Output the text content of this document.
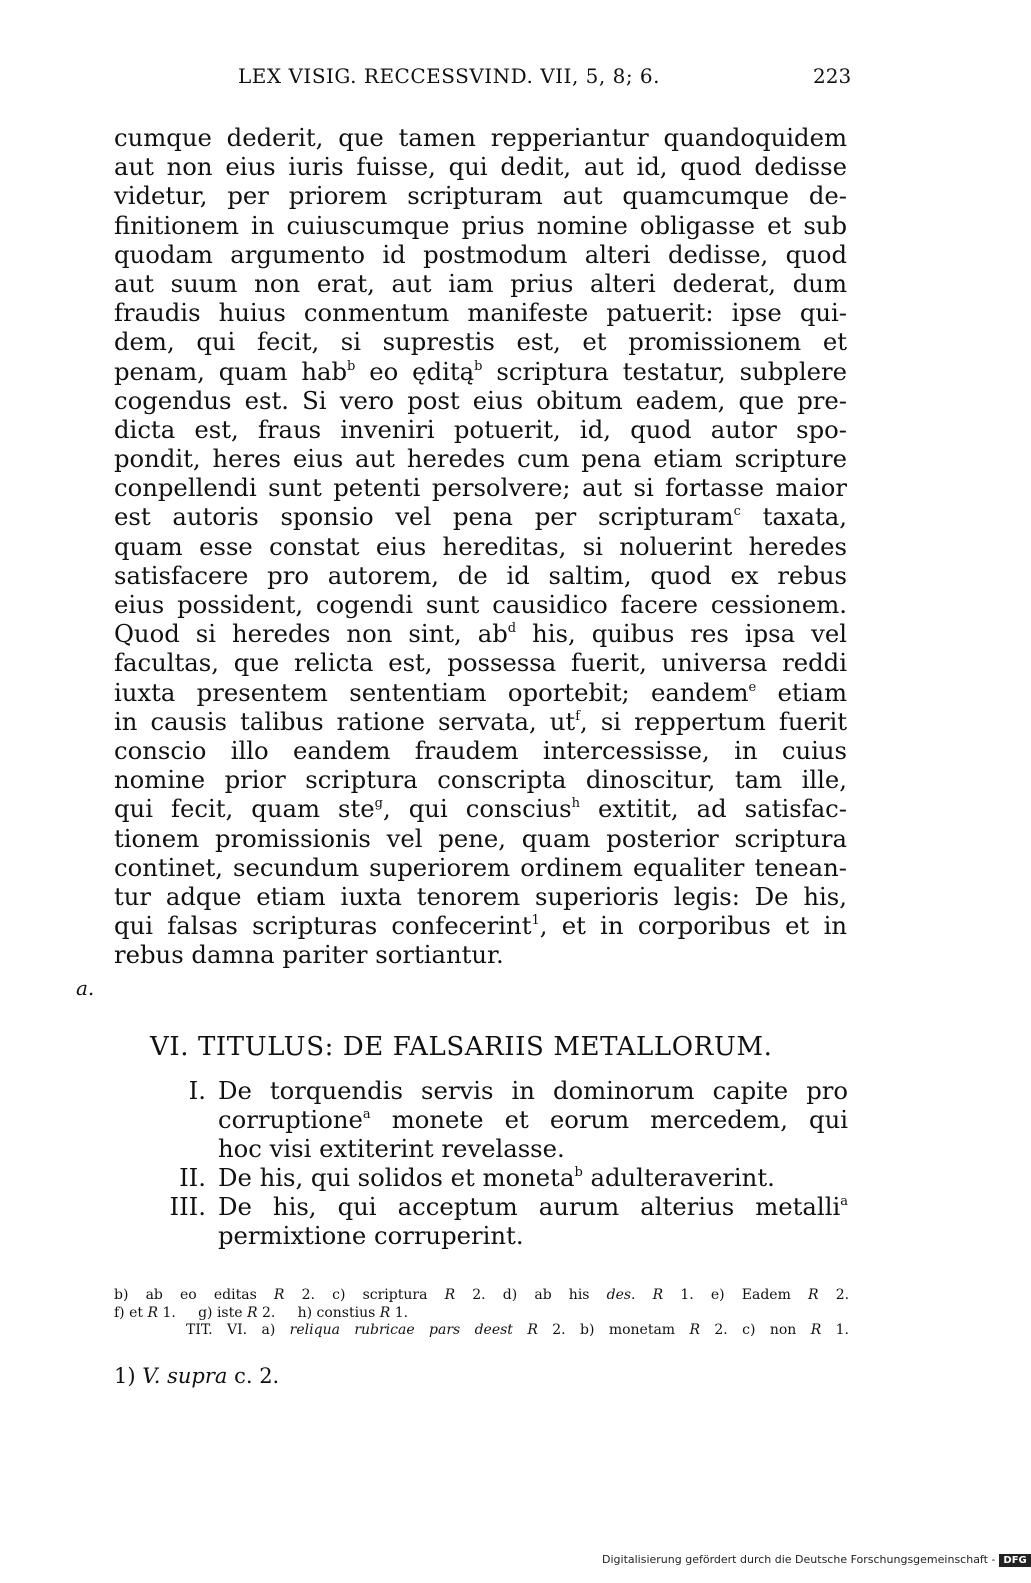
LEX VISIG. RECCESSVIND. VII, 5, 8; 6.	223
cumque dederit, que tamen repperiantur quandoquidem
aut non eius iuris fuisse, qui dedit, aut id, quod dedisse
videtur, per priorem scripturam aut quamcumque de-
finitionem in cuiuscumque prius nomine obligasse et sub
quodam argumento id postmodum alteri dedisse, quod
aut suum non erat, aut iam prius alteri dederat, dum
fraudis huius conmentum manifeste patuerit: ipse qui-
dem, qui fecit, si suprestis est, et promissionem et
penam, quam hab$^b$ eo ęditą$^b$ scriptura testatur, subplere
cogendus est. Si vero post eius obitum eadem, que pre-
dicta est, fraus inveniri potuerit, id, quod autor spo-
pondit, heres eius aut heredes cum pena etiam scripture
conpellendi sunt petenti persolvere; aut si fortasse maior
est autoris sponsio vel pena per scripturam$^c$ taxata,
quam esse constat eius hereditas, si noluerint heredes
satisfacere pro autorem, de id saltim, quod ex rebus
eius possident, cogendi sunt causidico facere cessionem.
Quod si heredes non sint, $ab^d$ his, quibus res ipsa vel
facultas, que relicta est, possessa fuerit, universa reddi
iuxta presentem sententiam oportebit; eandem$^e$ etiam
in causis talibus ratione servata, $ut^f$, si reppertum fuerit
conscio illo eandem fraudem intercessisse, in cuius
nomine prior scriptura conscripta dinoscitur, tam ille,
qui fecit, quam ste$^g$, qui conscius$^h$ extitit, ad satisfac-
tionem promissionis vel pene, quam posterior scriptura
continet, secundum superiorem ordinem equaliter tenean-
tur adque etiam iuxta tenorem superioris legis: De his,
qui falsas scripturas confecerint$^1$, et in corporibus et in
rebus damna pariter sortiantur.
a.
VI. TITULUS: DE FALSARIIS METALLORUM.
I. De torquendis servis in dominorum capite pro
corruptione$^a$ monete et eorum mercedem, qui
hoc visi extiterint revelasse.
II. De his, qui solidos et moneta$^b$ adulteraverint.
III. De his, qui acceptum aurum alterius metalli$^a$
permixtione corruperint.
b) ab eo editas R 2. c) scriptura R 2. d) ab his des. R 1. e) Eadem R 2.
f) et R 1.     g) iste R 2.     h) constius R 1.
TIT. VI. a) reliqua rubricae pars deest R 2. b) monetam R 2. c) non R 1.
1) V. supra c. 2.
Digitalisierung gefördert durch die Deutsche Forschungsgemeinschaft - DFG
